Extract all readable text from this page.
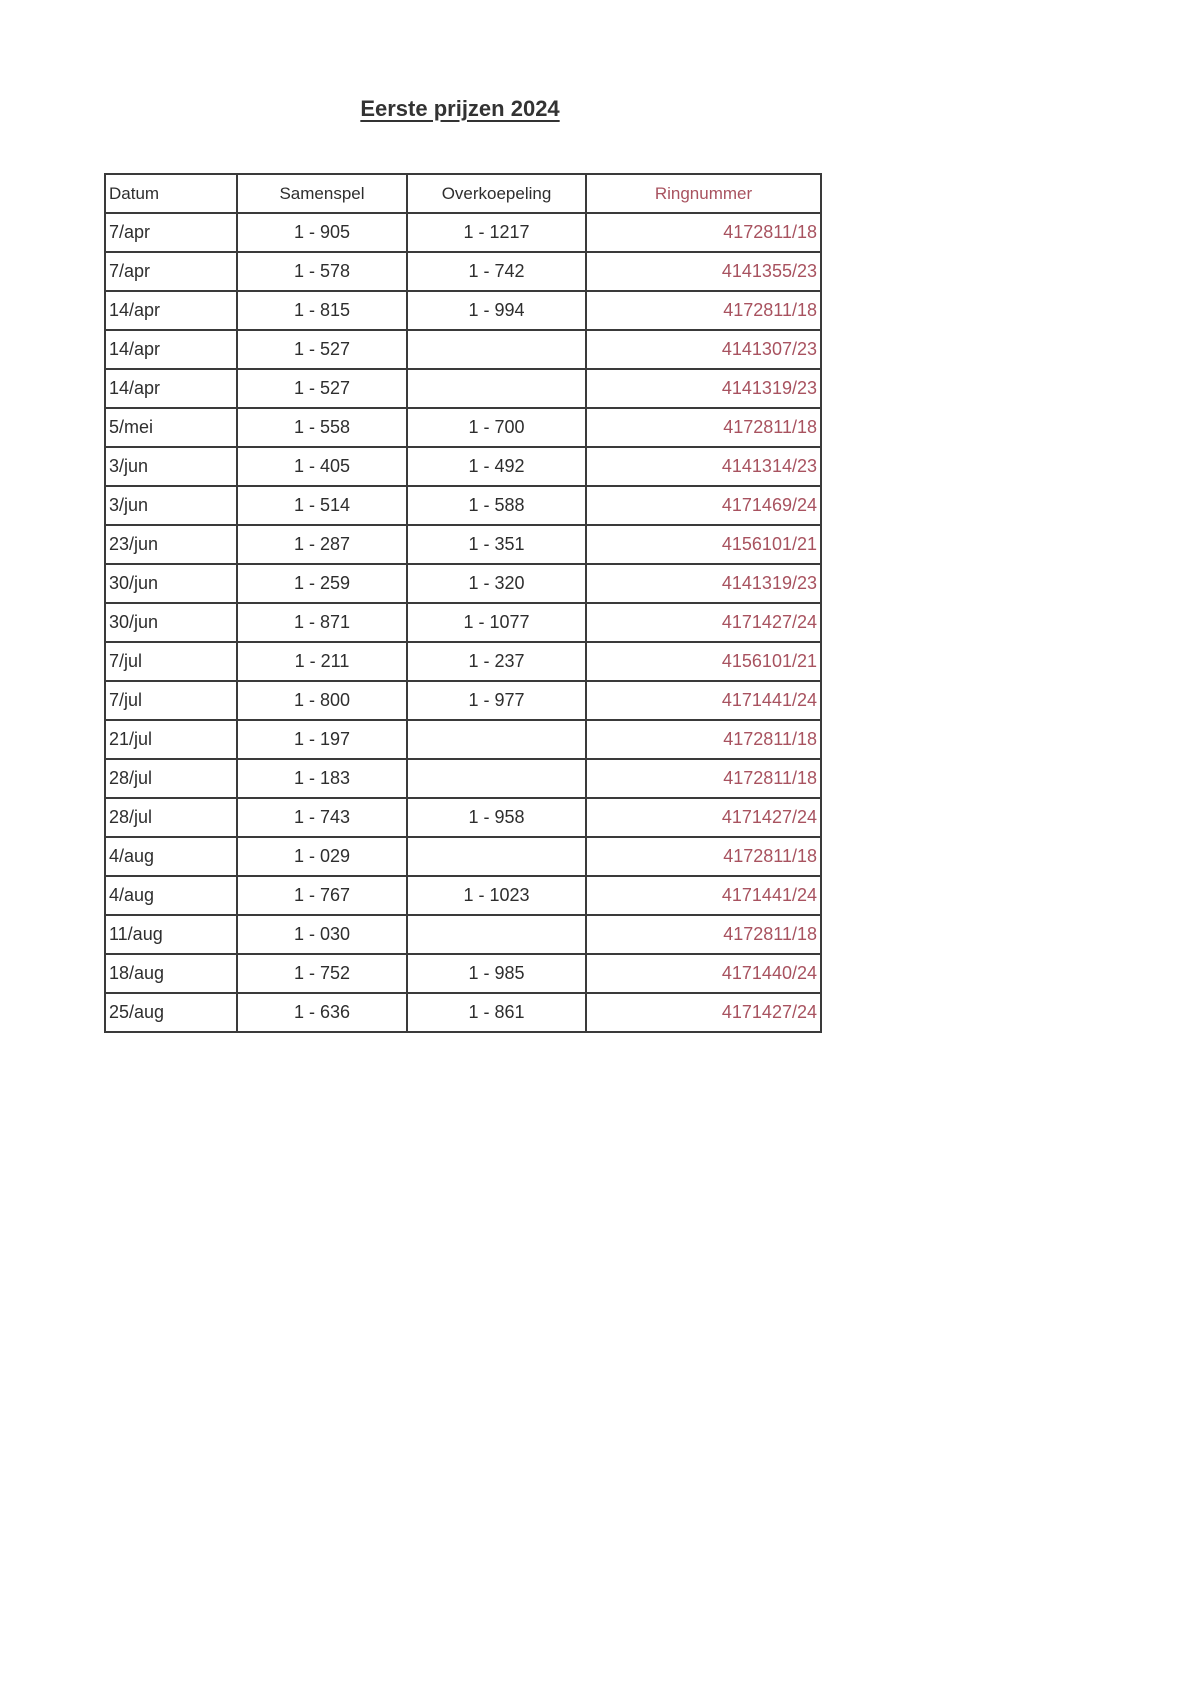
Eerste prijzen 2024
Datum	Samenspel	Overkoepeling	Ringnummer
7/apr	1 - 905	1 - 1217	4172811/18
7/apr	1 - 578	1 - 742	4141355/23
14/apr	1 - 815	1 - 994	4172811/18
14/apr	1 - 527		4141307/23
14/apr	1 - 527		4141319/23
5/mei	1 - 558	1 - 700	4172811/18
3/jun	1 - 405	1 - 492	4141314/23
3/jun	1 - 514	1 - 588	4171469/24
23/jun	1 - 287	1 - 351	4156101/21
30/jun	1 - 259	1 - 320	4141319/23
30/jun	1 - 871	1 - 1077	4171427/24
7/jul	1 - 211	1 - 237	4156101/21
7/jul	1 - 800	1 - 977	4171441/24
21/jul	1 - 197		4172811/18
28/jul	1 - 183		4172811/18
28/jul	1 - 743	1 - 958	4171427/24
4/aug	1 - 029		4172811/18
4/aug	1 - 767	1 - 1023	4171441/24
11/aug	1 - 030		4172811/18
18/aug	1 - 752	1 - 985	4171440/24
25/aug	1 - 636	1 - 861	4171427/24
